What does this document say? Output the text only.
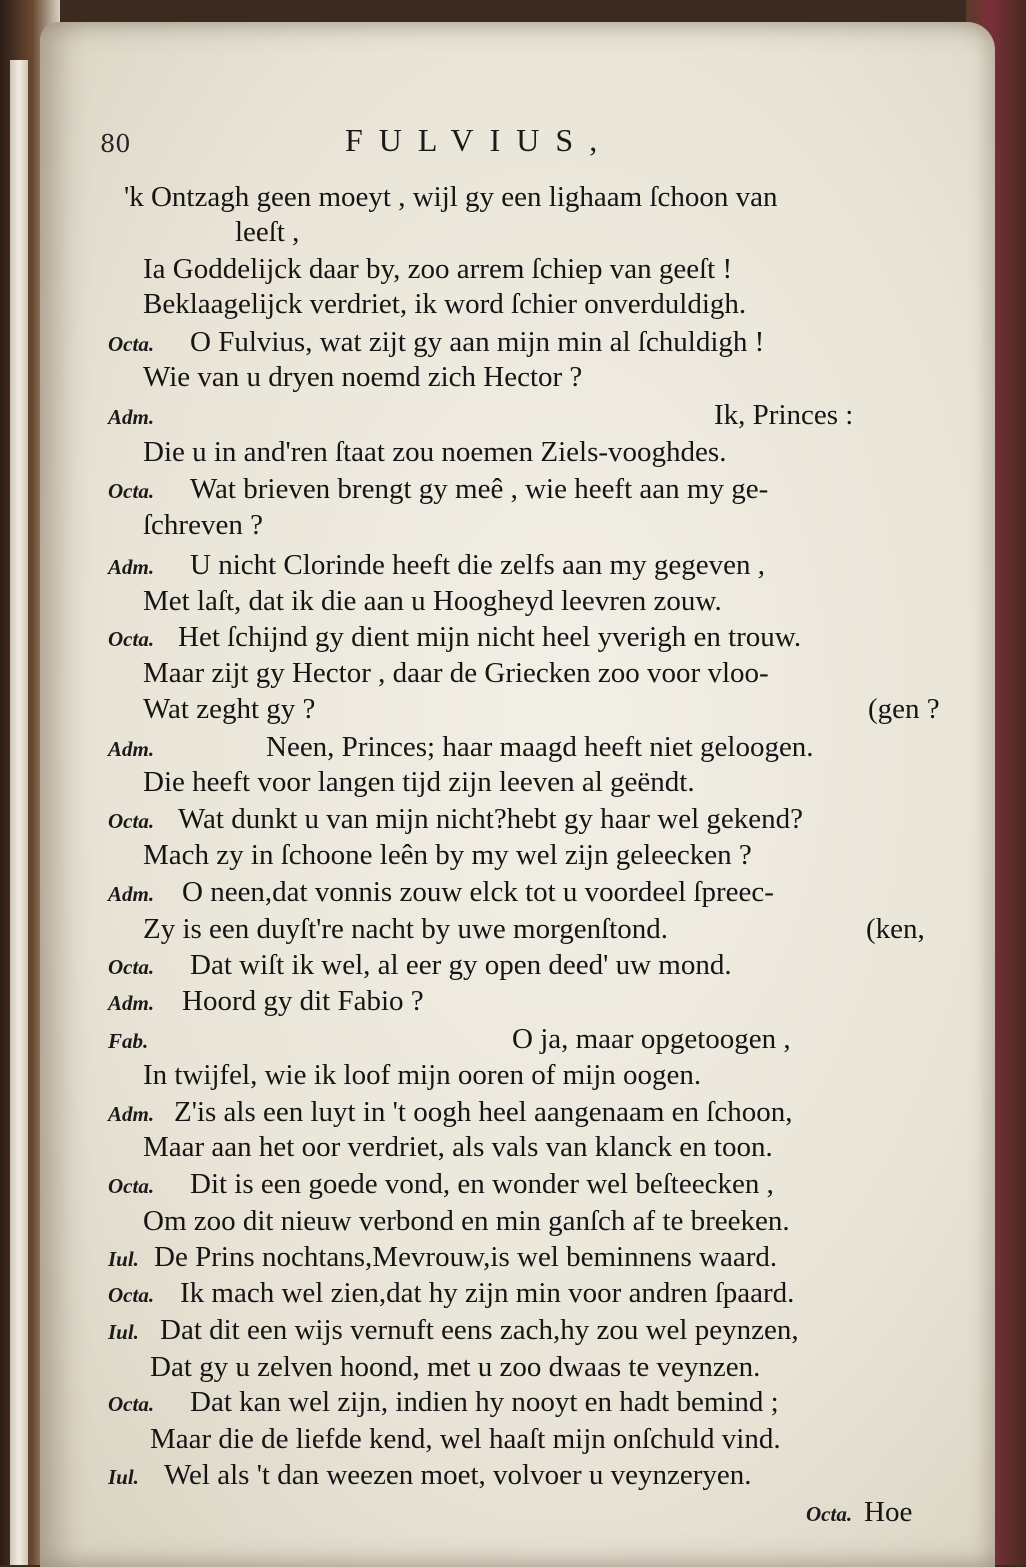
80	FULVIUS,
'k Ontzagh geen moeyt , wijl gy een lighaam ſchoon van
leeſt ,
Ia Goddelijck daar by, zoo arrem ſchiep van geeſt !
Beklaagelijck verdriet, ik word ſchier onverduldigh.
Octa. O Fulvius, wat zijt gy aan mijn min al ſchuldigh !
Wie van u dryen noemd zich Hector ?
Adm.	Ik, Princes :
Die u in and'ren ſtaat zou noemen Ziels-vooghdes.
Octa. Wat brieven brengt gy meê , wie heeft aan my ge-
ſchreven ?
Adm. U nicht Clorinde heeft die zelfs aan my gegeven ,
Met laſt, dat ik die aan u Hoogheyd leevren zouw.
Octa. Het ſchijnd gy dient mijn nicht heel yverigh en trouw.
Maar zijt gy Hector , daar de Griecken zoo voor vloo-
Wat zeght gy ?	(gen ?
Adm.	Neen, Princes; haar maagd heeft niet geloogen.
Die heeft voor langen tijd zijn leeven al geëndt.
Octa. Wat dunkt u van mijn nicht?hebt gy haar wel gekend?
Mach zy in ſchoone leên by my wel zijn geleecken ?
Adm. O neen,dat vonnis zouw elck tot u voordeel ſpreec-
Zy is een duyſt're nacht by uwe morgenſtond.	(ken,
Octa. Dat wiſt ik wel, al eer gy open deed' uw mond.
Adm. Hoord gy dit Fabio ?
Fab.	O ja, maar opgetoogen ,
In twijfel, wie ik loof mijn ooren of mijn oogen.
Adm. Z'is als een luyt in 't oogh heel aangenaam en ſchoon,
Maar aan het oor verdriet, als vals van klanck en toon.
Octa. Dit is een goede vond, en wonder wel beſteecken ,
Om zoo dit nieuw verbond en min ganſch af te breeken.
Iul. De Prins nochtans,Mevrouw,is wel beminnens waard.
Octa. Ik mach wel zien,dat hy zijn min voor andren ſpaard.
Iul. Dat dit een wijs vernuft eens zach,hy zou wel peynzen,
Dat gy u zelven hoond, met u zoo dwaas te veynzen.
Octa. Dat kan wel zijn, indien hy nooyt en hadt bemind ;
Maar die de liefde kend, wel haaſt mijn onſchuld vind.
Iul. Wel als 't dan weezen moet, volvoer u veynzeryen.
Octa. Hoe
